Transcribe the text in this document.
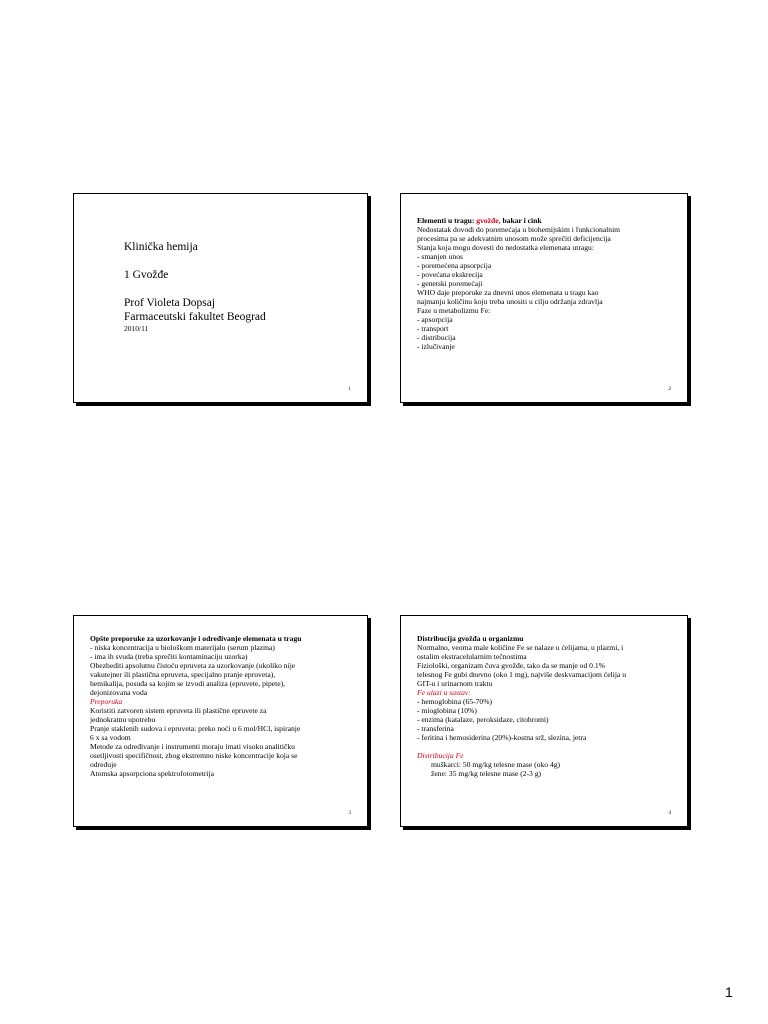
Klinička hemija
1 Gvožđe
Prof Violeta Dopsaj
Farmaceutski fakultet Beograd
2010/11
1
Elementi u tragu: gvožđe, bakar i cink
Nedostatak dovodi do poremećaja u biohemijskim i funkcionalnim
procesima pa se adekvatnim unosom može sprečiti deficijencija
Stanja koja mogu dovesti do nedostatka elemenata utragu:
- smanjen unos
- poremećena apsorpcija
- povećana ekskrecija
- genetski poremećaji
WHO daje preporuke za dnevni unos elemenata u tragu kao
najmanju količinu koju treba unositi u cilju održanja zdravlja
Faze u metabolizmu Fe:
- apsorpcija
- transport
- distribucija
- izlučivanje
2
Opšte preporuke za uzorkovanje i određivanje elemenata u tragu
- niska koncentracija u biološkom materijalu (serum plazma)
- ima ih svuda (treba sprečiti kontaminaciju uzorka)
Obezbediti apsolutnu čistoću epruveta za uzorkovanje (ukoliko nije
vakutejner ili plastična epruveta, specijalno pranje epruveta),
hemikalija, posuđa sa kojim se izvodi analiza (epruvete, pipete),
dejonizovana voda
Preporuka
Koristiti zatvoren sistem epruveta ili plastične epruvete za
jednokratnu upotrebu
Pranje staklenih sudova i epruveta: preko noći u 6 mol/HCl, ispiranje
6 x sa vodom
Metode za određivanje i instrumenti moraju imati visoku analitičku
osetljivosti specifičnost, zbog ekstremno niske koncentracije koja se
određuje
Atomska apsorpciona spektrofotometrija
3
Distribucija gvožđa u organizmu
Normalno, veoma male količine Fe se nalaze u ćelijama, u plazmi, i
ostalim ekstracelularnim tečnostima
Fiziološki, organizam čuva gvožđe, tako da se manje od 0.1%
telesnog Fe gubi dnevno (oko 1 mg), najviše deskvamacijom ćelija u
GIT-u i urinarnom traktu
Fe ulazi u sastav:
- hemoglobina (65-70%)
- mioglobina (10%)
- enzima (katalaze, peroksidaze, citohromi)
- transferina
- feritina i hemosiderina (20%)-kostna srž, slezina, jetra
Distribucija Fe
muškarci: 50 mg/kg telesne mase (oko 4g)
žene: 35 mg/kg telesne mase (2-3 g)
4
1
